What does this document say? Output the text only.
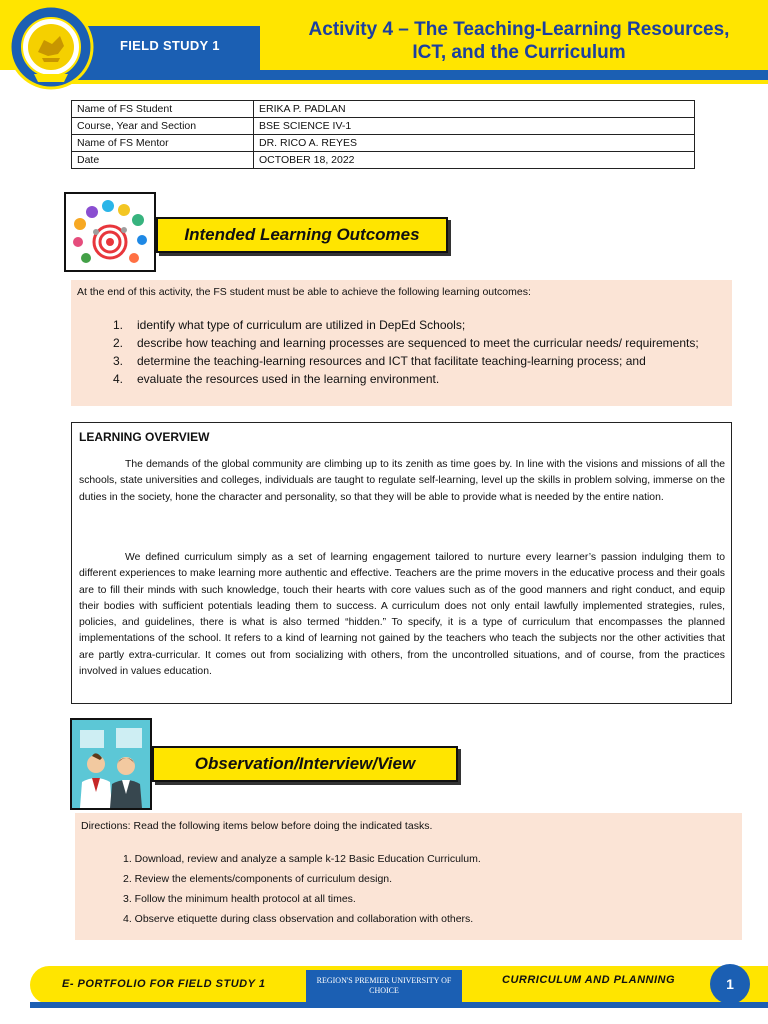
FIELD STUDY 1
Activity 4 – The Teaching-Learning Resources,
ICT, and the Curriculum
Name of FS Student	ERIKA P. PADLAN
Course, Year and Section	BSE SCIENCE IV-1
Name of FS Mentor	DR. RICO A. REYES
Date	OCTOBER 18, 2022
Intended Learning Outcomes
At the end of this activity, the FS student must be able to achieve the following learning outcomes:
1. identify what type of curriculum are utilized in DepEd Schools;
2. describe how teaching and learning processes are sequenced to meet the curricular needs/ requirements;
3. determine the teaching-learning resources and ICT that facilitate teaching-learning process; and
4. evaluate the resources used in the learning environment.
LEARNING OVERVIEW

The demands of the global community are climbing up to its zenith as time goes by. In line with the visions and missions of all the schools, state universities and colleges, individuals are taught to regulate self-learning, level up the skills in problem solving, immerse on the duties in the society, hone the character and personality, so that they will be able to provide what is needed by the entire nation.

We defined curriculum simply as a set of learning engagement tailored to nurture every learner’s passion indulging them to different experiences to make learning more authentic and effective. Teachers are the prime movers in the educative process and their goals are to fill their minds with such knowledge, touch their hearts with core values such as of the good manners and right conduct, and equip their bodies with sufficient potentials leading them to success. A curriculum does not only entail lawfully implemented strategies, rules, policies, and guidelines, there is what is also termed “hidden.” To specify, it is a type of curriculum that encompasses the planned implementations of the school. It refers to a kind of learning not gained by the teachers who teach the subjects nor the other activities that are partly extra-curricular. It comes out from socializing with others, from the uncontrolled situations, and of course, from the practices involved in values education.

Observation/Interview/View
Directions: Read the following items below before doing the indicated tasks.
1. Download, review and analyze a sample k-12 Basic Education Curriculum.
2. Review the elements/components of curriculum design.
3. Follow the minimum health protocol at all times.
4. Observe etiquette during class observation and collaboration with others.
E- PORTFOLIO FOR FIELD STUDY 1	REGION'S PREMIER UNIVERSITY OF CHOICE
CURRICULUM AND PLANNING	1
